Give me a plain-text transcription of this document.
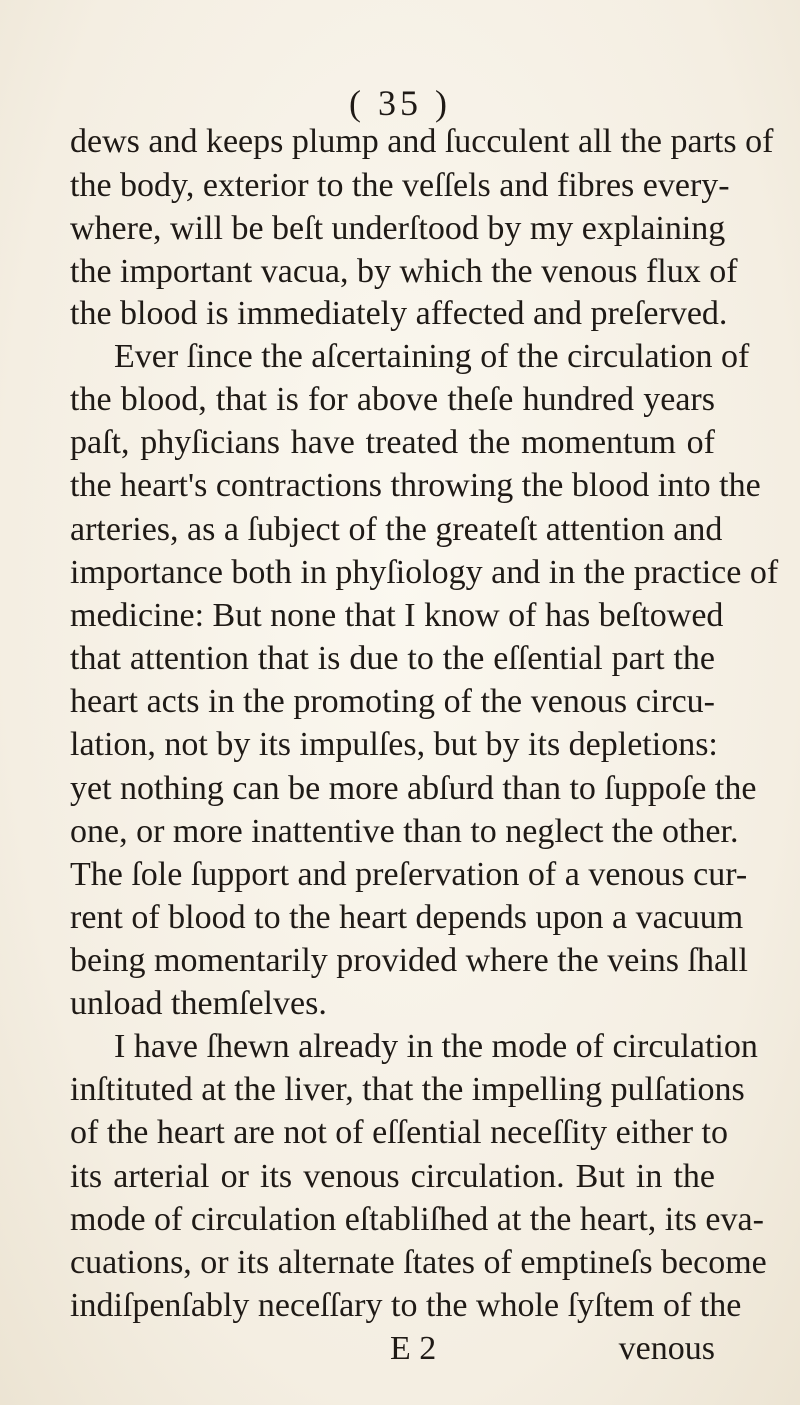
( 35 )
dews and keeps plump and ſucculent all the parts of
the body, exterior to the veſſels and fibres every-
where, will be beſt underſtood by my explaining
the important vacua, by which the venous flux of
the blood is immediately affected and preſerved.
Ever ſince the aſcertaining of the circulation of
the blood, that is for above theſe hundred years
paſt, phyſicians have treated the momentum of
the heart's contractions throwing the blood into the
arteries, as a ſubject of the greateſt attention and
importance both in phyſiology and in the practice of
medicine: But none that I know of has beſtowed
that attention that is due to the eſſential part the
heart acts in the promoting of the venous circu-
lation, not by its impulſes, but by its depletions:
yet nothing can be more abſurd than to ſuppoſe the
one, or more inattentive than to neglect the other.
The ſole ſupport and preſervation of a venous cur-
rent of blood to the heart depends upon a vacuum
being momentarily provided where the veins ſhall
unload themſelves.
I have ſhewn already in the mode of circulation
inſtituted at the liver, that the impelling pulſations
of the heart are not of eſſential neceſſity either to
its arterial or its venous circulation. But in the
mode of circulation eſtabliſhed at the heart, its eva-
cuations, or its alternate ſtates of emptineſs become
indiſpenſably neceſſary to the whole ſyſtem of the
E 2	venous
